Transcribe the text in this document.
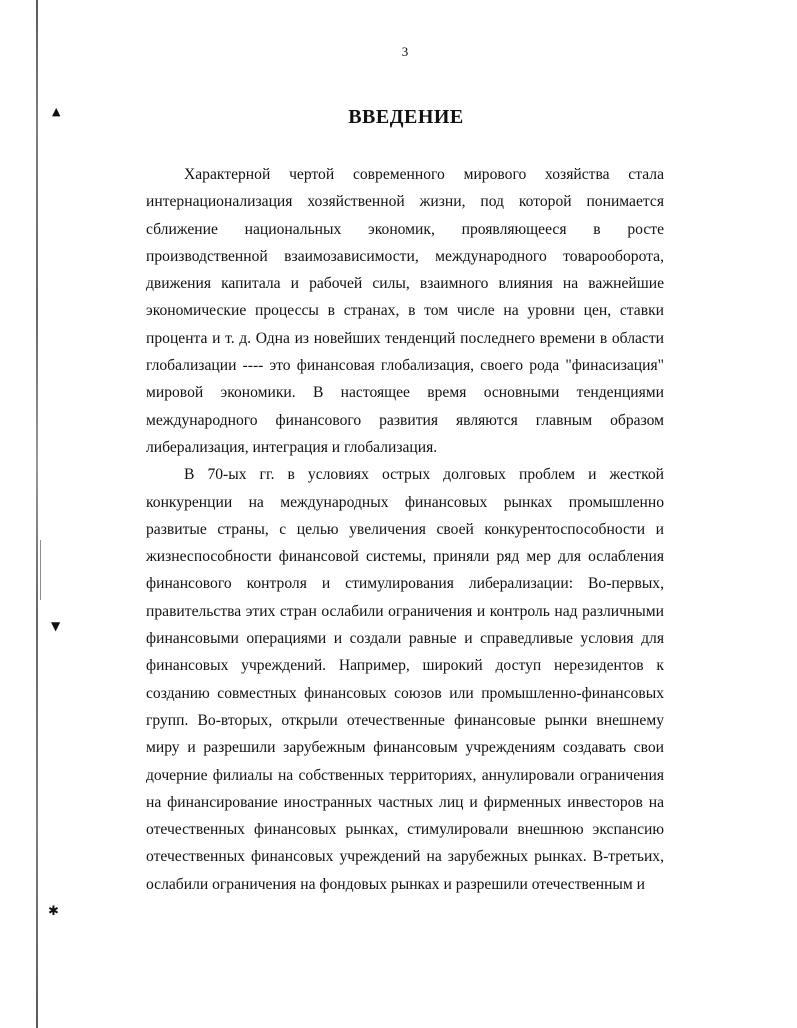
▲
▼
✱
3
ВВЕДЕНИЕ

Характерной чертой современного мирового хозяйства стала интернационализация хозяйственной жизни, под которой понимается сближение национальных экономик, проявляющееся в росте производственной взаимозависимости, международного товарооборота, движения капитала и рабочей силы, взаимного влияния на важнейшие экономические процессы в странах, в том числе на уровни цен, ставки процента и т. д. Одна из новейших тенденций последнего времени в области глобализации ---- это финансовая глобализация, своего рода "финасизация" мировой экономики. В настоящее время основными тенденциями международного финансового развития являются главным образом либерализация, интеграция и глобализация.

В 70-ых гг. в условиях острых долговых проблем и жесткой конкуренции на международных финансовых рынках промышленно развитые страны, с целью увеличения своей конкурентоспособности и жизнеспособности финансовой системы, приняли ряд мер для ослабления финансового контроля и стимулирования либерализации: Во-первых, правительства этих стран ослабили ограничения и контроль над различными финансовыми операциями и создали равные и справедливые условия для финансовых учреждений. Например, широкий доступ нерезидентов к созданию совместных финансовых союзов или промышленно-финансовых групп. Во-вторых, открыли отечественные финансовые рынки внешнему миру и разрешили зарубежным финансовым учреждениям создавать свои дочерние филиалы на собственных территориях, аннулировали ограничения на финансирование иностранных частных лиц и фирменных инвесторов на отечественных финансовых рынках, стимулировали внешнюю экспансию отечественных финансовых учреждений на зарубежных рынках. В-третьих, ослабили ограничения на фондовых рынках и разрешили отечественным и
